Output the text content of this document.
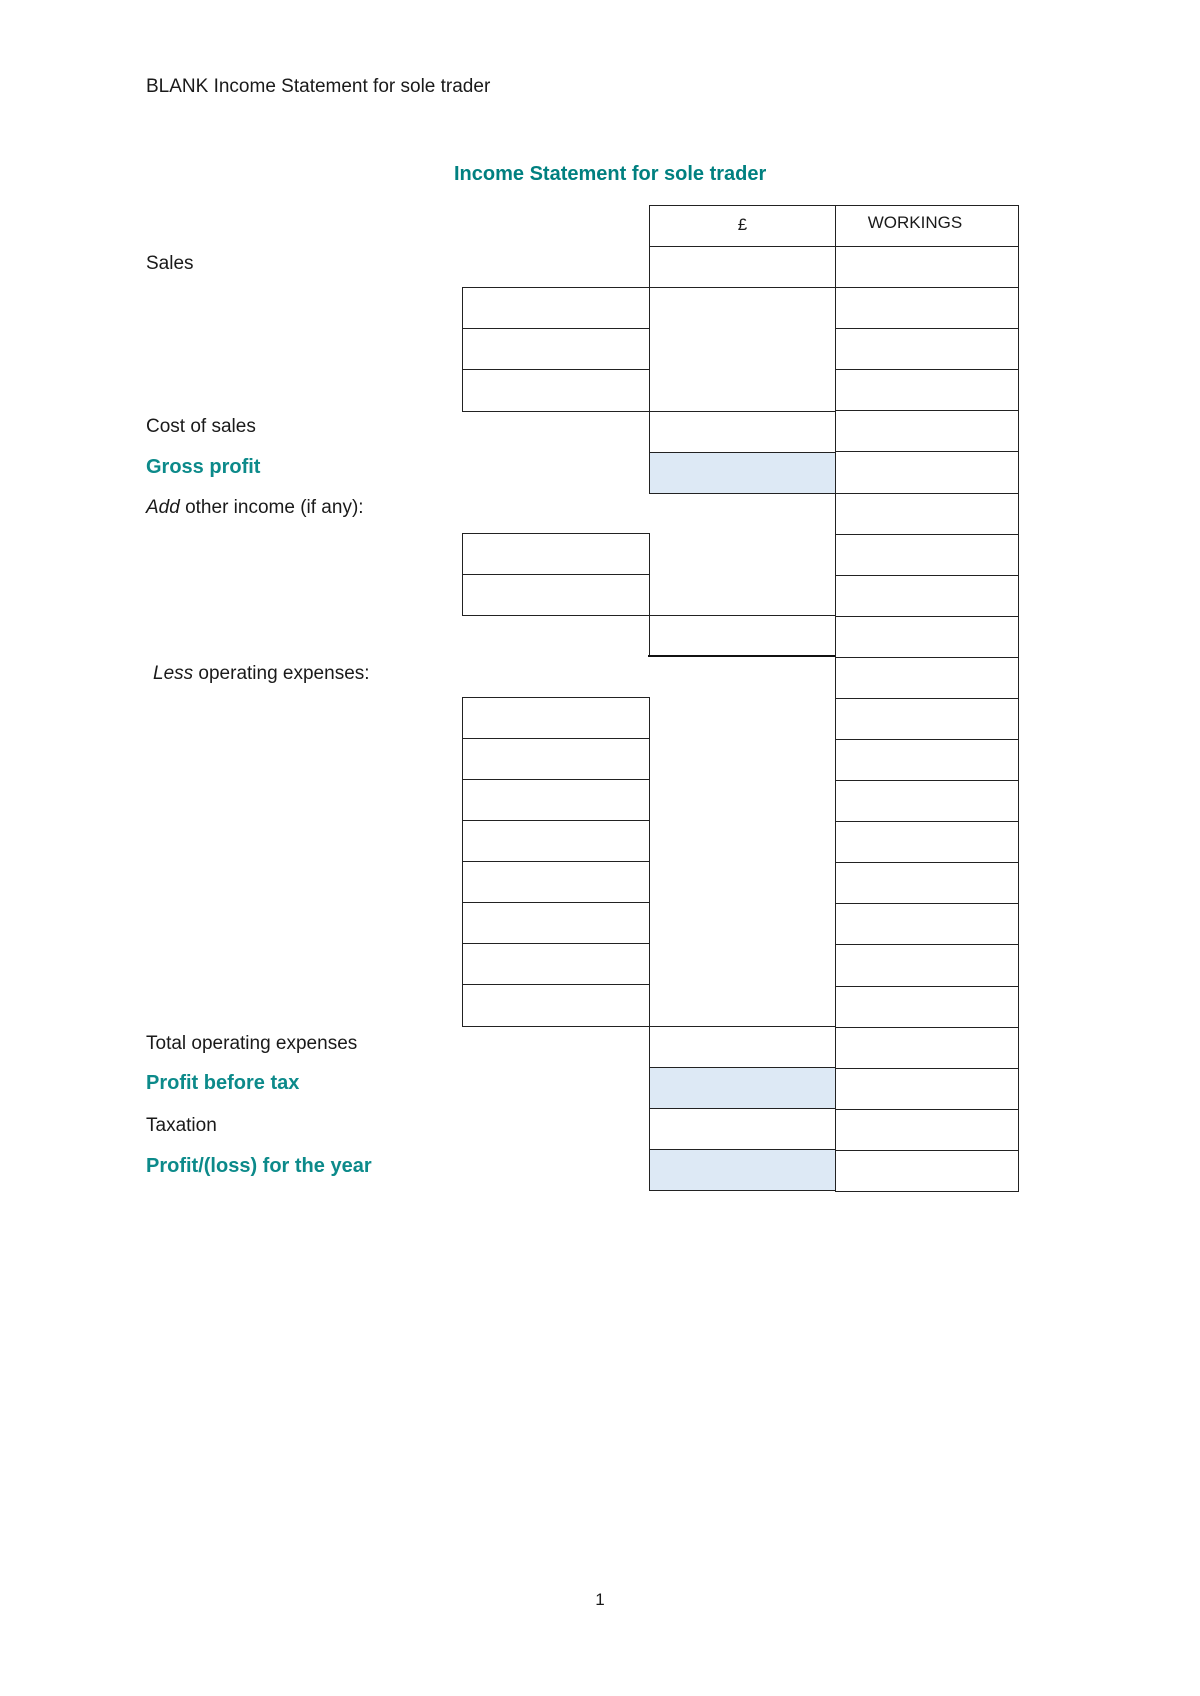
BLANK Income Statement for sole trader
Income Statement for sole trader
£	WORKINGS
Sales
Cost of sales
Gross profit
Add other income (if any):
Less operating expenses:
Total operating expenses
Profit before tax
Taxation
Profit/(loss) for the year
1
